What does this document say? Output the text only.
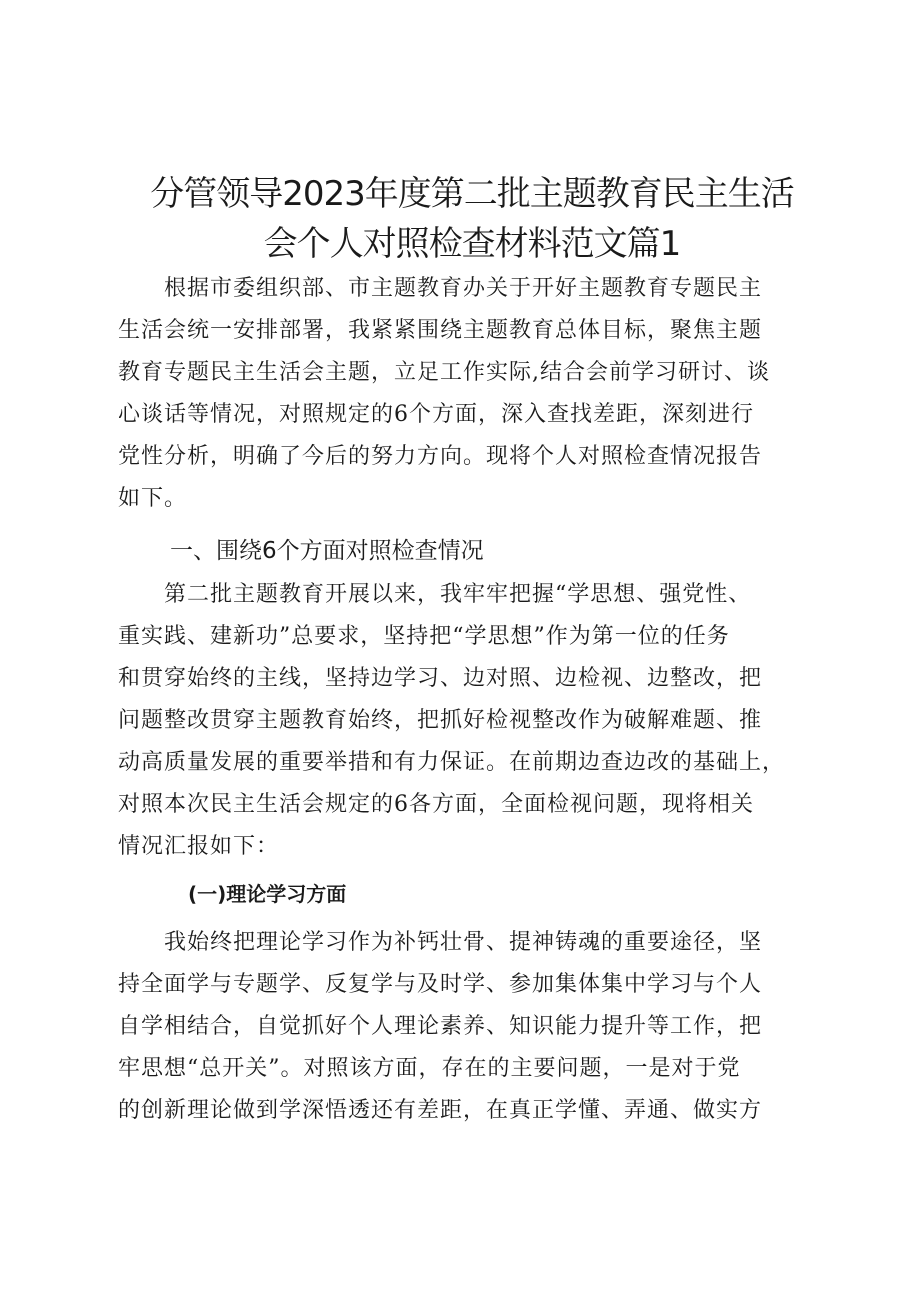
分管领导2023年度第二批主题教育民主生活
会个人对照检查材料范文篇1
　　根据市委组织部、市主题教育办关于开好主题教育专题民主
生活会统一安排部署，我紧紧围绕主题教育总体目标，聚焦主题
教育专题民主生活会主题，立足工作实际,结合会前学习研讨、谈
心谈话等情况，对照规定的6个方面，深入查找差距，深刻进行
党性分析，明确了今后的努力方向。现将个人对照检查情况报告
如下。
一、围绕6个方面对照检查情况
　　第二批主题教育开展以来，我牢牢把握“学思想、强党性、
重实践、建新功”总要求，坚持把“学思想”作为第一位的任务
和贯穿始终的主线，坚持边学习、边对照、边检视、边整改，把
问题整改贯穿主题教育始终，把抓好检视整改作为破解难题、推
动高质量发展的重要举措和有力保证。在前期边查边改的基础上，
对照本次民主生活会规定的6各方面，全面检视问题，现将相关
情况汇报如下：
(一)理论学习方面
　　我始终把理论学习作为补钙壮骨、提神铸魂的重要途径，坚
持全面学与专题学、反复学与及时学、参加集体集中学习与个人
自学相结合，自觉抓好个人理论素养、知识能力提升等工作，把
牢思想“总开关”。对照该方面，存在的主要问题，一是对于党
的创新理论做到学深悟透还有差距，在真正学懂、弄通、做实方
